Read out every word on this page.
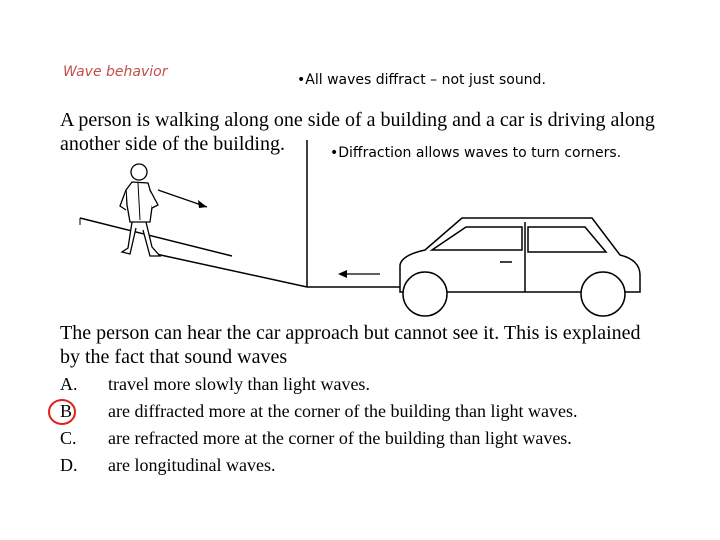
Wave behavior	•All waves diffract – not just sound.
A person is walking along one side of a building and a car is driving along
another side of the building.	•Diffraction allows waves to turn corners.
The person can hear the car approach but cannot see it. This is explained
by the fact that sound waves
A. travel more slowly than light waves.
B. are diffracted more at the corner of the building than light waves.
C. are refracted more at the corner of the building than light waves.
D. are longitudinal waves.
